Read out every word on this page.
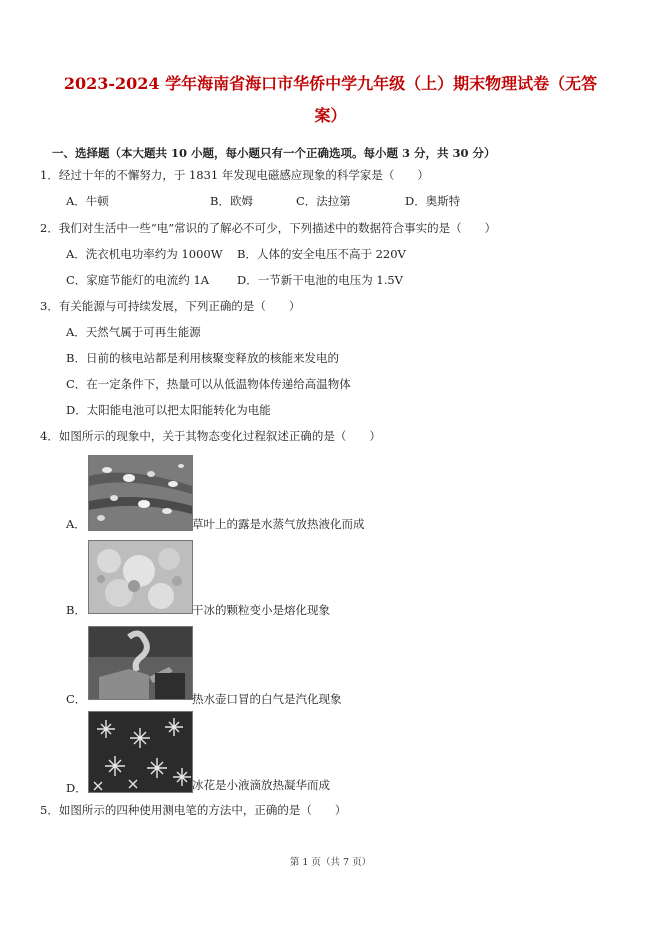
2023-2024 学年海南省海口市华侨中学九年级（上）期末物理试卷（无答
案）
一、选择题（本大题共 10 小题，每小题只有一个正确选项。每小题 3 分，共 30 分）
1．经过十年的不懈努力，于 1831 年发现电磁感应现象的科学家是（　　）
A．牛顿	B．欧姆	C．法拉第	D．奥斯特
2．我们对生活中一些“电”常识的了解必不可少，下列描述中的数据符合事实的是（　　）
A．洗衣机电功率约为 1000W B．人体的安全电压不高于 220V
C．家庭节能灯的电流约 1A D．一节新干电池的电压为 1.5V
3．有关能源与可持续发展，下列正确的是（　　）
A．天然气属于可再生能源
B．日前的核电站都是利用核聚变释放的核能来发电的
C．在一定条件下，热量可以从低温物体传递给高温物体
D．太阳能电池可以把太阳能转化为电能
4．如图所示的现象中，关于其物态变化过程叙述正确的是（　　）
A．	草叶上的露是水蒸气放热液化而成
B．	干冰的颗粒变小是熔化现象
C．	热水壶口冒的白气是汽化现象
D．	冰花是小液滴放热凝华而成
5．如图所示的四种使用测电笔的方法中，正确的是（　　）
第 1 页（共 7 页）
